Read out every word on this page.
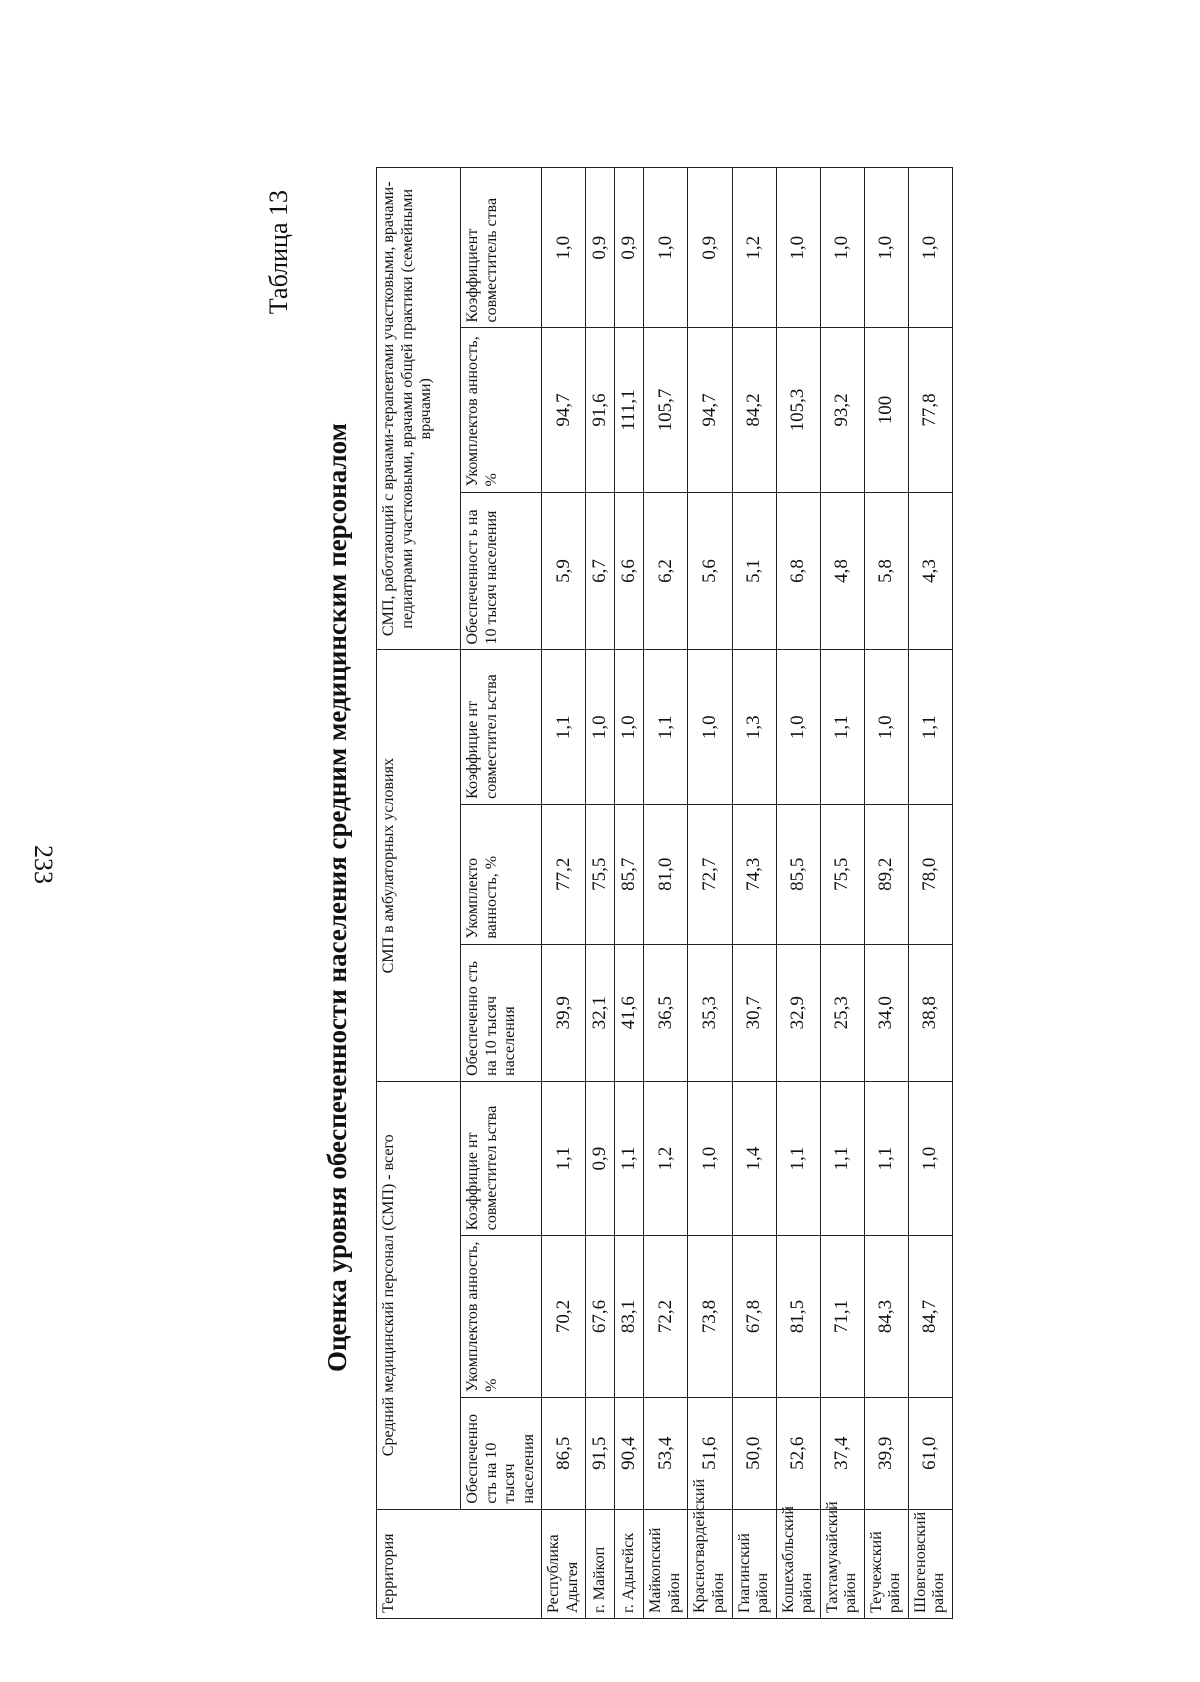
233
Таблица 13
Оценка уровня обеспеченности населения средним медицинским персоналом
Территория	Средний медицинский персонал (СМП) - всего			СМП в амбулаторных условиях			СМП, работающий с врачами-терапевтами участковыми, врачами-педиатрами участковыми, врачами общей практики (семейными врачами)		
	Обеспеченно сть на 10 тысяч населения	Укомплектов анность, %	Коэффицие нт совместител ьства	Обеспеченно сть на 10 тысяч населения	Укомплекто ванность, %	Коэффицие нт совместител ьства	Обеспеченност ь на 10 тысяч населения	Укомплектов анность, %	Коэффициент совместитель ства
Республика Адыгея	86,5	70,2	1,1	39,9	77,2	1,1	5,9	94,7	1,0
г. Майкоп	91,5	67,6	0,9	32,1	75,5	1,0	6,7	91,6	0,9
г. Адыгейск	90,4	83,1	1,1	41,6	85,7	1,0	6,6	111,1	0,9
Майкопский район	53,4	72,2	1,2	36,5	81,0	1,1	6,2	105,7	1,0
Красногвардейский район	51,6	73,8	1,0	35,3	72,7	1,0	5,6	94,7	0,9
Гиагинский район	50,0	67,8	1,4	30,7	74,3	1,3	5,1	84,2	1,2
Кошехабльский район	52,6	81,5	1,1	32,9	85,5	1,0	6,8	105,3	1,0
Тахтамукайский район	37,4	71,1	1,1	25,3	75,5	1,1	4,8	93,2	1,0
Теучежский район	39,9	84,3	1,1	34,0	89,2	1,0	5,8	100	1,0
Шовгеновский район	61,0	84,7	1,0	38,8	78,0	1,1	4,3	77,8	1,0
